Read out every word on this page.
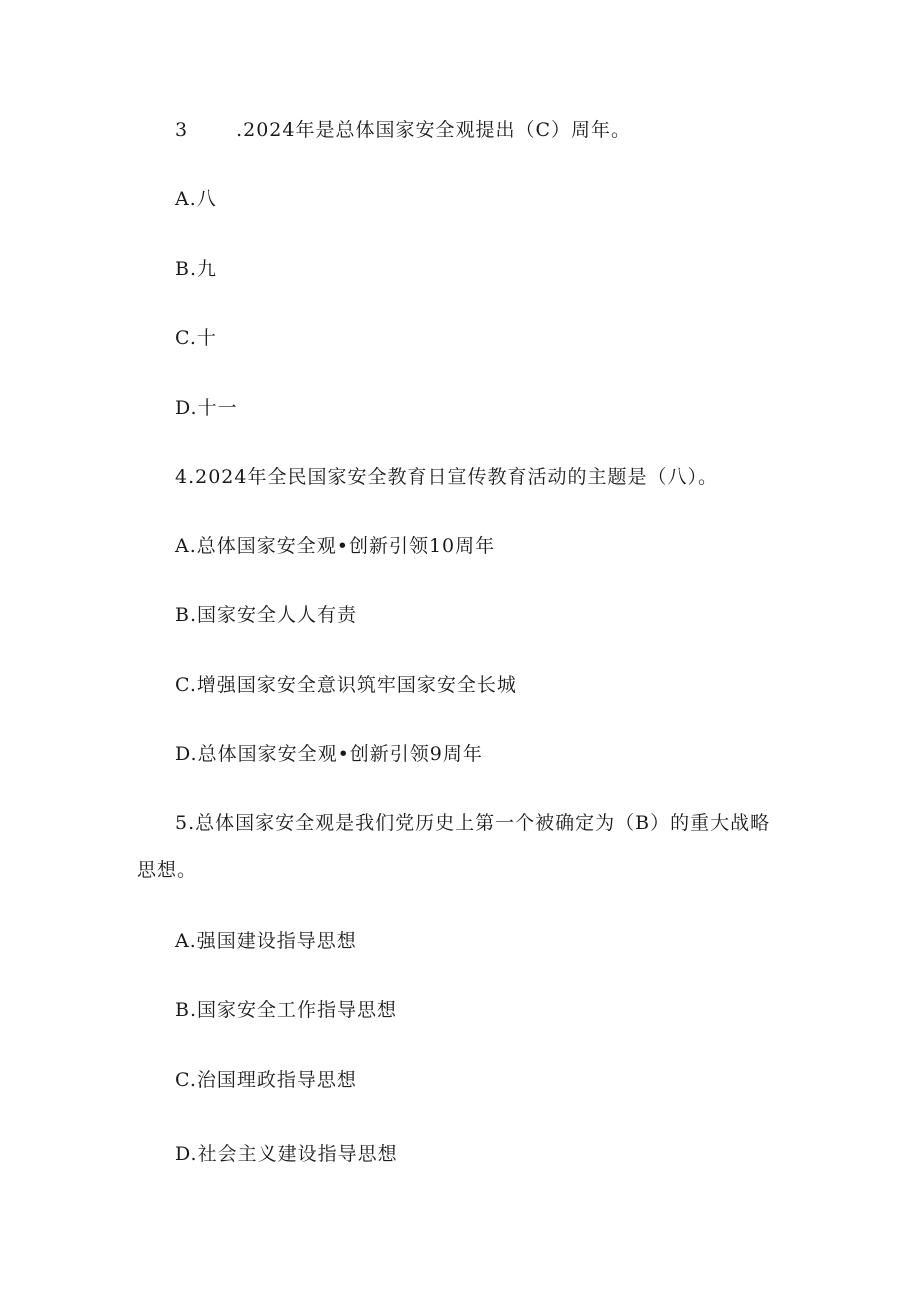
3	.2024年是总体国家安全观提出（C）周年。
A.八
B.九
C.十
D.十一
4.2024年全民国家安全教育日宣传教育活动的主题是（八）。
A.总体国家安全观•创新引领10周年
B.国家安全人人有责
C.增强国家安全意识筑牢国家安全长城
D.总体国家安全观•创新引领9周年
5.总体国家安全观是我们党历史上第一个被确定为（B）的重大战略
思想。
A.强国建设指导思想
B.国家安全工作指导思想
C.治国理政指导思想
D.社会主义建设指导思想
